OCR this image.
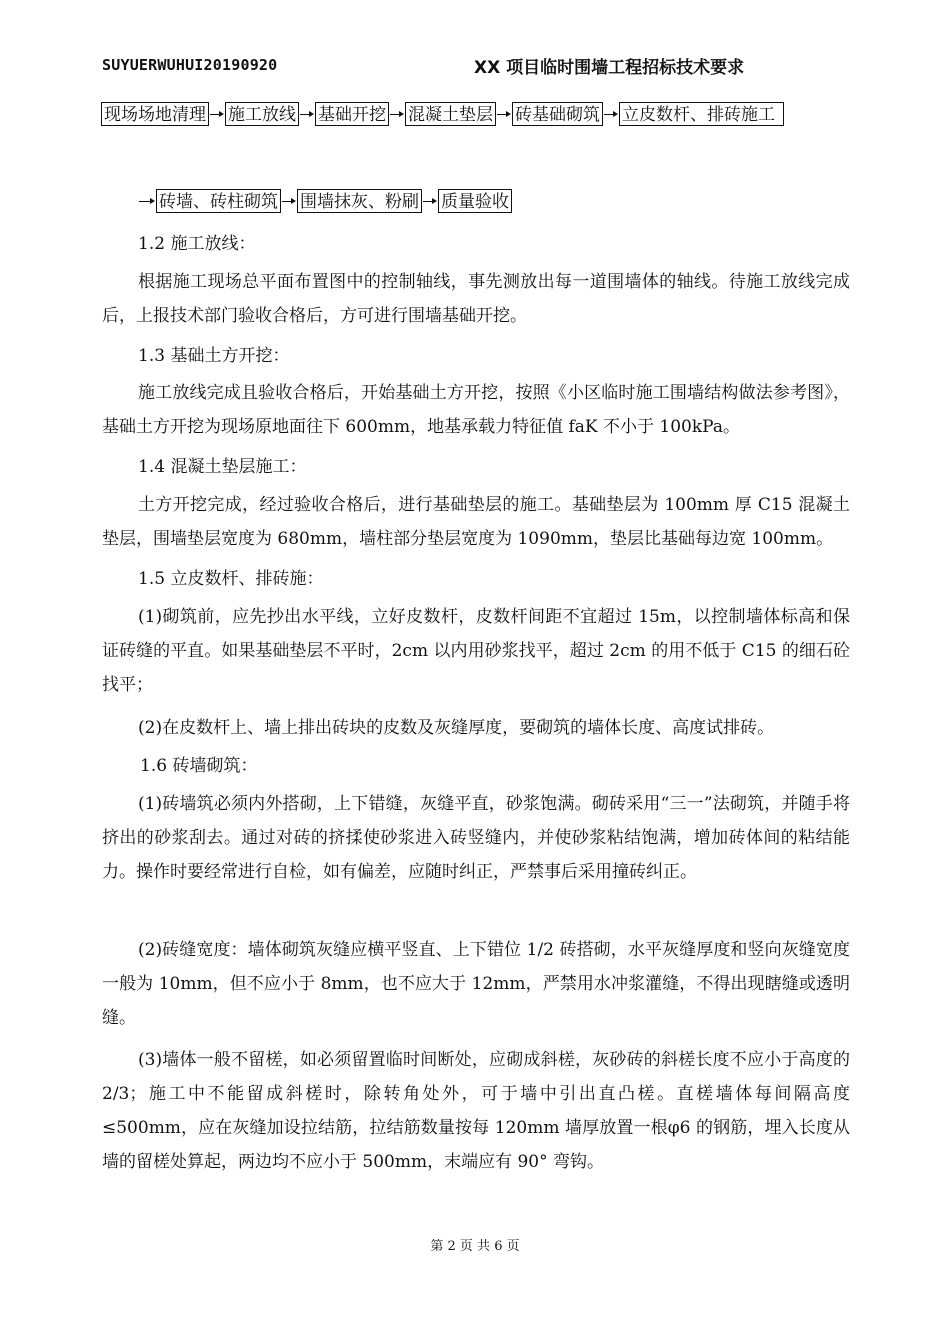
SUYUERWUHUI20190920	XX 项目临时围墙工程招标技术要求
现场场地清理 施工放线 基础开挖 混凝土垫层 砖基础砌筑 立皮数杆、排砖施工
砖墙、砖柱砌筑 围墙抹灰、粉刷 质量验收

1.2 施工放线：

根据施工现场总平面布置图中的控制轴线，事先测放出每一道围墙体的轴线。待施工放线完成后，上报技术部门验收合格后，方可进行围墙基础开挖。

1.3 基础土方开挖：

施工放线完成且验收合格后，开始基础土方开挖，按照《小区临时施工围墙结构做法参考图》，基础土方开挖为现场原地面往下 600mm，地基承载力特征值 faK 不小于 100kPa。

1.4 混凝土垫层施工：

土方开挖完成，经过验收合格后，进行基础垫层的施工。基础垫层为 100mm 厚 C15 混凝土垫层，围墙垫层宽度为 680mm，墙柱部分垫层宽度为 1090mm，垫层比基础每边宽 100mm。

1.5 立皮数杆、排砖施：

(1)砌筑前，应先抄出水平线，立好皮数杆，皮数杆间距不宜超过 15m，以控制墙体标高和保证砖缝的平直。如果基础垫层不平时，2cm 以内用砂浆找平，超过 2cm 的用不低于 C15 的细石砼找平；

(2)在皮数杆上、墙上排出砖块的皮数及灰缝厚度，要砌筑的墙体长度、高度试排砖。

1.6 砖墙砌筑：

(1)砖墙筑必须内外搭砌，上下错缝，灰缝平直，砂浆饱满。砌砖采用“三一”法砌筑，并随手将挤出的砂浆刮去。通过对砖的挤揉使砂浆进入砖竖缝内，并使砂浆粘结饱满，增加砖体间的粘结能力。操作时要经常进行自检，如有偏差，应随时纠正，严禁事后采用撞砖纠正。

(2)砖缝宽度：墙体砌筑灰缝应横平竖直、上下错位 1/2 砖搭砌，水平灰缝厚度和竖向灰缝宽度一般为 10mm，但不应小于 8mm，也不应大于 12mm，严禁用水冲浆灌缝，不得出现瞎缝或透明缝。

(3)墙体一般不留槎，如必须留置临时间断处，应砌成斜槎，灰砂砖的斜槎长度不应小于高度的 2/3；施工中不能留成斜槎时，除转角处外，可于墙中引出直凸槎。直槎墙体每间隔高度≤500mm，应在灰缝加设拉结筋，拉结筋数量按每 120mm 墙厚放置一根φ6 的钢筋，埋入长度从墙的留槎处算起，两边均不应小于 500mm，末端应有 90° 弯钩。

第 2 页 共 6 页
